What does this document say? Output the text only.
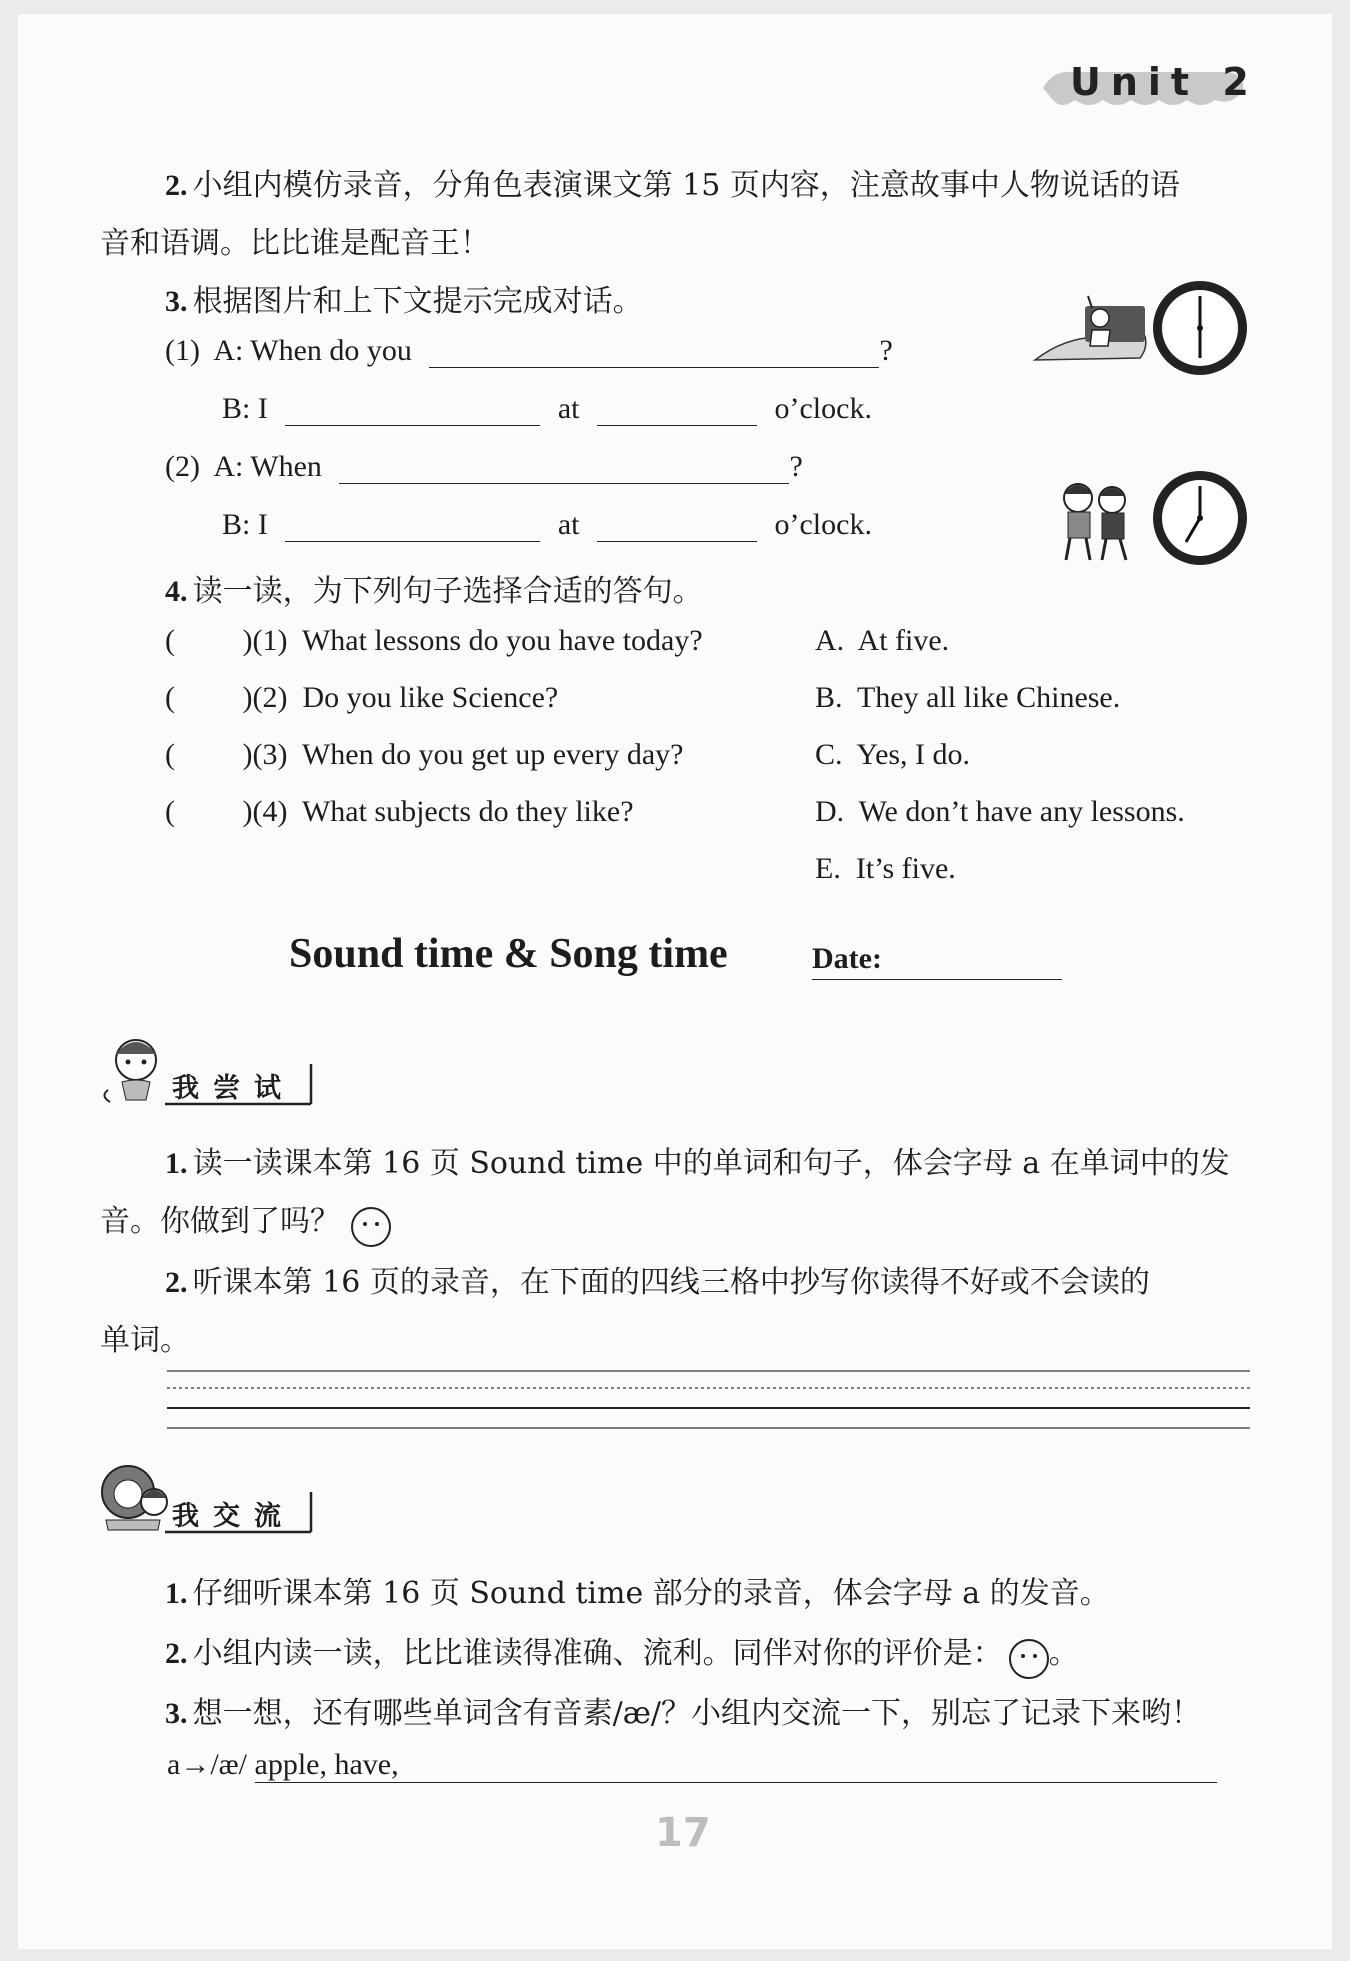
Unit 2
2. 小组内模仿录音，分角色表演课文第 15 页内容，注意故事中人物说话的语
音和语调。比比谁是配音王！
3. 根据图片和上下文提示完成对话。
(1) A: When do you	?
B: I	at	o’clock.
(2) A: When	?
B: I	at	o’clock.
4. 读一读，为下列句子选择合适的答句。
( )(1) What lessons do you have today?
( )(2) Do you like Science?
( )(3) When do you get up every day?
( )(4) What subjects do they like?
A. At five.
B. They all like Chinese.
C. Yes, I do.
D. We don’t have any lessons.
E. It’s five.
Sound time & Song time	Date:
我尝试
1. 读一读课本第 16 页 Sound time 中的单词和句子，体会字母 a 在单词中的发
音。你做到了吗？
2. 听课本第 16 页的录音，在下面的四线三格中抄写你读得不好或不会读的
单词。
我交流
1. 仔细听课本第 16 页 Sound time 部分的录音，体会字母 a 的发音。
2. 小组内读一读，比比谁读得准确、流利。同伴对你的评价是： 。
3. 想一想，还有哪些单词含有音素/æ/？小组内交流一下，别忘了记录下来哟！
a→/æ/ apple, have,
17
